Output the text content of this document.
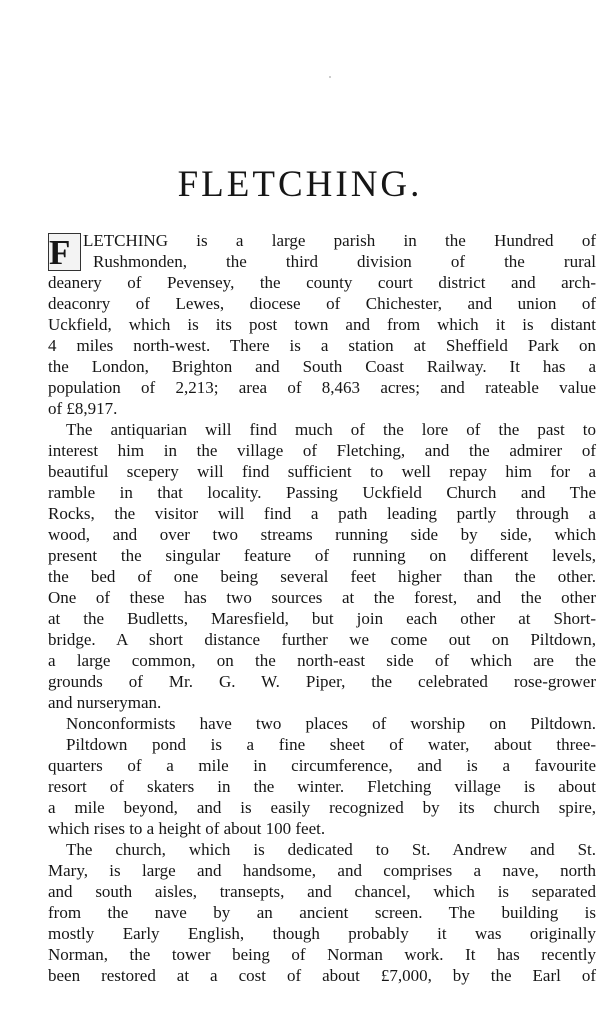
FLETCHING.
F LETCHING is a large parish in the Hundred of
Rushmonden, the third division of the rural
deanery of Pevensey, the county court district and arch-
deaconry of Lewes, diocese of Chichester, and union of
Uckfield, which is its post town and from which it is distant
4 miles north-west. There is a station at Sheffield Park on
the London, Brighton and South Coast Railway. It has a
population of 2,213; area of 8,463 acres; and rateable value
of £8,917.
The antiquarian will find much of the lore of the past to
interest him in the village of Fletching, and the admirer of
beautiful scepery will find sufficient to well repay him for a
ramble in that locality. Passing Uckfield Church and The
Rocks, the visitor will find a path leading partly through a
wood, and over two streams running side by side, which
present the singular feature of running on different levels,
the bed of one being several feet higher than the other.
One of these has two sources at the forest, and the other
at the Budletts, Maresfield, but join each other at Short-
bridge. A short distance further we come out on Piltdown,
a large common, on the north-east side of which are the
grounds of Mr. G. W. Piper, the celebrated rose-grower
and nurseryman.
Nonconformists have two places of worship on Piltdown.
Piltdown pond is a fine sheet of water, about three-
quarters of a mile in circumference, and is a favourite
resort of skaters in the winter. Fletching village is about
a mile beyond, and is easily recognized by its church spire,
which rises to a height of about 100 feet.
The church, which is dedicated to St. Andrew and St.
Mary, is large and handsome, and comprises a nave, north
and south aisles, transepts, and chancel, which is separated
from the nave by an ancient screen. The building is
mostly Early English, though probably it was originally
Norman, the tower being of Norman work. It has recently
been restored at a cost of about £7,000, by the Earl of
